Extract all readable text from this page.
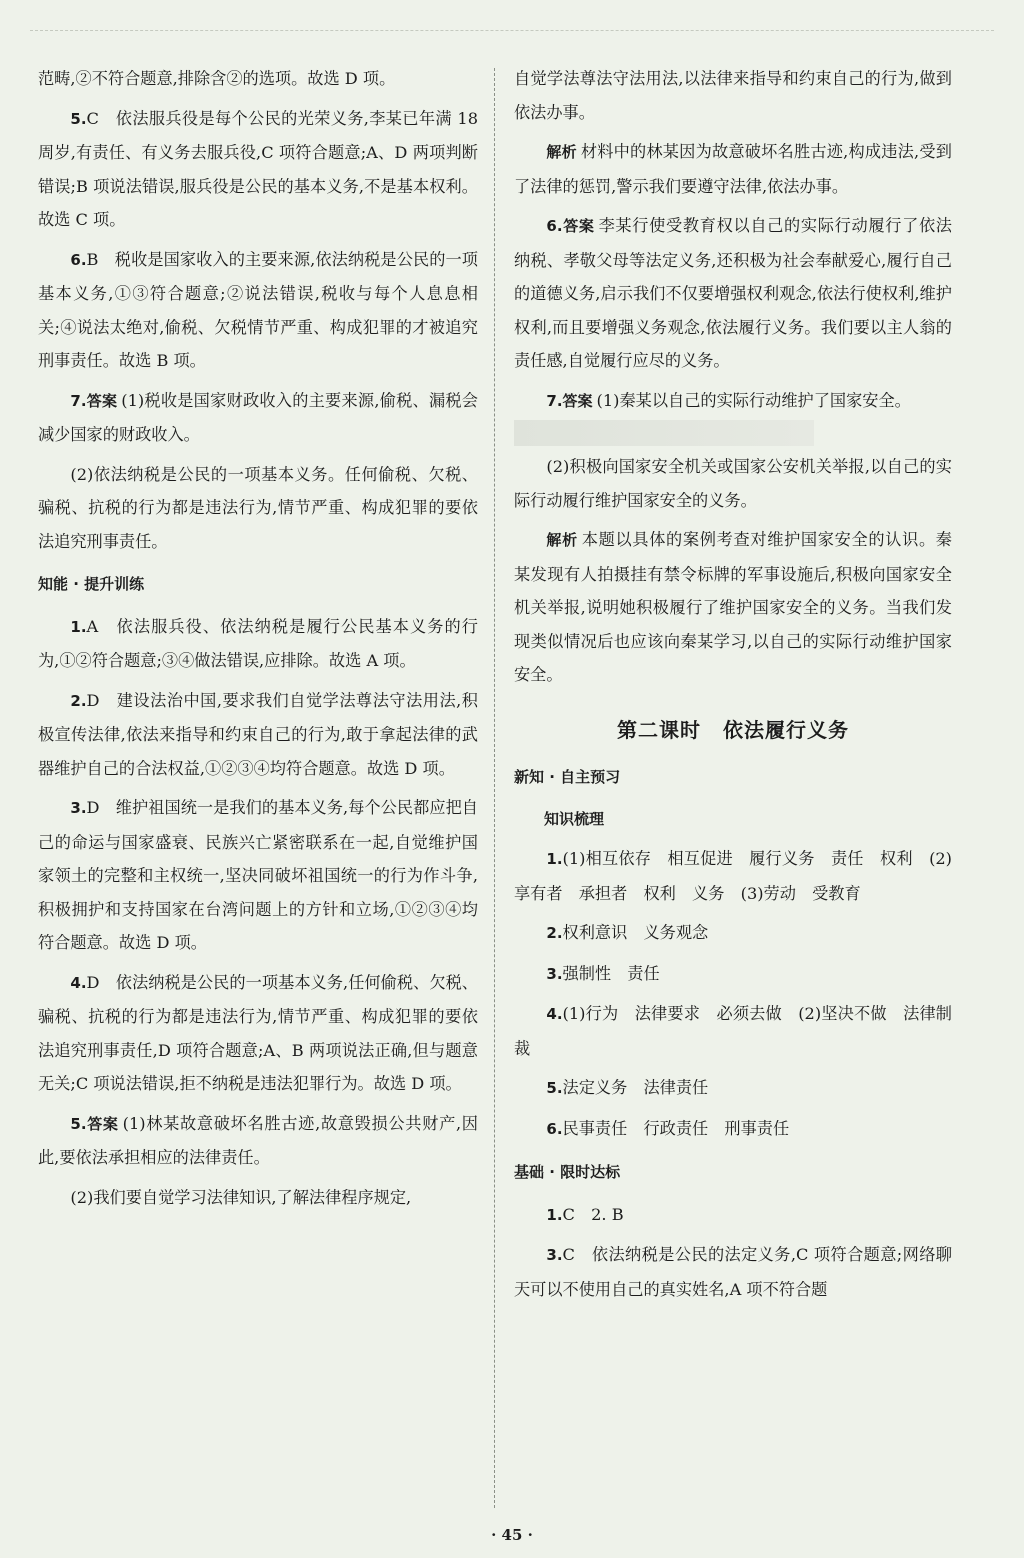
范畴,②不符合题意,排除含②的选项。故选 D 项。

5.C　依法服兵役是每个公民的光荣义务,李某已年满 18 周岁,有责任、有义务去服兵役,C 项符合题意;A、D 两项判断错误;B 项说法错误,服兵役是公民的基本义务,不是基本权利。故选 C 项。

6.B　税收是国家收入的主要来源,依法纳税是公民的一项基本义务,①③符合题意;②说法错误,税收与每个人息息相关;④说法太绝对,偷税、欠税情节严重、构成犯罪的才被追究刑事责任。故选 B 项。

7.答案 (1)税收是国家财政收入的主要来源,偷税、漏税会减少国家的财政收入。

(2)依法纳税是公民的一项基本义务。任何偷税、欠税、骗税、抗税的行为都是违法行为,情节严重、构成犯罪的要依法追究刑事责任。

知能 · 提升训练

1.A　依法服兵役、依法纳税是履行公民基本义务的行为,①②符合题意;③④做法错误,应排除。故选 A 项。

2.D　建设法治中国,要求我们自觉学法尊法守法用法,积极宣传法律,依法来指导和约束自己的行为,敢于拿起法律的武器维护自己的合法权益,①②③④均符合题意。故选 D 项。

3.D　维护祖国统一是我们的基本义务,每个公民都应把自己的命运与国家盛衰、民族兴亡紧密联系在一起,自觉维护国家领土的完整和主权统一,坚决同破坏祖国统一的行为作斗争,积极拥护和支持国家在台湾问题上的方针和立场,①②③④均符合题意。故选 D 项。

4.D　依法纳税是公民的一项基本义务,任何偷税、欠税、骗税、抗税的行为都是违法行为,情节严重、构成犯罪的要依法追究刑事责任,D 项符合题意;A、B 两项说法正确,但与题意无关;C 项说法错误,拒不纳税是违法犯罪行为。故选 D 项。

5.答案 (1)林某故意破坏名胜古迹,故意毁损公共财产,因此,要依法承担相应的法律责任。

(2)我们要自觉学习法律知识,了解法律程序规定,

自觉学法尊法守法用法,以法律来指导和约束自己的行为,做到依法办事。

解析 材料中的林某因为故意破坏名胜古迹,构成违法,受到了法律的惩罚,警示我们要遵守法律,依法办事。

6.答案 李某行使受教育权以自己的实际行动履行了依法纳税、孝敬父母等法定义务,还积极为社会奉献爱心,履行自己的道德义务,启示我们不仅要增强权利观念,依法行使权利,维护权利,而且要增强义务观念,依法履行义务。我们要以主人翁的责任感,自觉履行应尽的义务。

7.答案 (1)秦某以自己的实际行动维护了国家安全。

(2)积极向国家安全机关或国家公安机关举报,以自己的实际行动履行维护国家安全的义务。

解析 本题以具体的案例考查对维护国家安全的认识。秦某发现有人拍摄挂有禁令标牌的军事设施后,积极向国家安全机关举报,说明她积极履行了维护国家安全的义务。当我们发现类似情况后也应该向秦某学习,以自己的实际行动维护国家安全。

第二课时 依法履行义务

新知 · 自主预习

知识梳理

1.(1)相互依存　相互促进　履行义务　责任　权利　(2)享有者　承担者　权利　义务　(3)劳动　受教育

2.权利意识　义务观念

3.强制性　责任

4.(1)行为　法律要求　必须去做　(2)坚决不做　法律制裁

5.法定义务　法律责任

6.民事责任　行政责任　刑事责任

基础 · 限时达标

1.C　2. B

3.C　依法纳税是公民的法定义务,C 项符合题意;网络聊天可以不使用自己的真实姓名,A 项不符合题

· 45 ·
